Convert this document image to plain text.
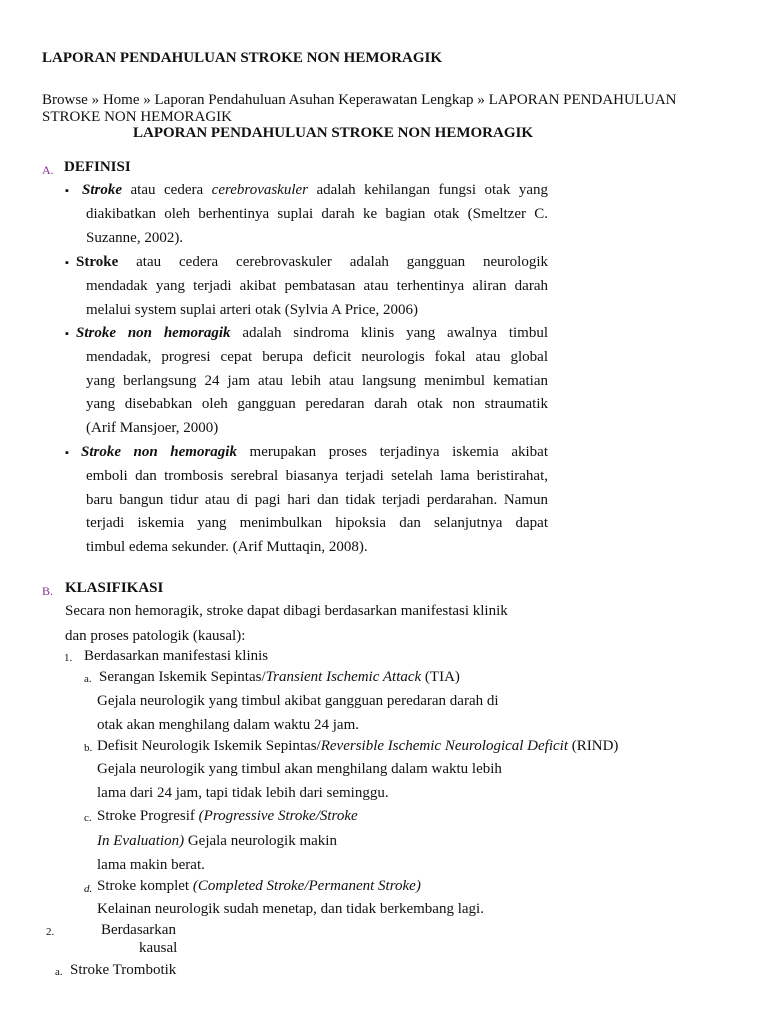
LAPORAN PENDAHULUAN STROKE NON HEMORAGIK
Browse » Home » Laporan Pendahuluan Asuhan Keperawatan Lengkap » LAPORAN PENDAHULUAN
STROKE NON HEMORAGIK
LAPORAN PENDAHULUAN STROKE NON HEMORAGIK
A. DEFINISI
▪ Stroke atau cedera cerebrovaskuler adalah kehilangan fungsi otak yang
diakibatkan oleh berhentinya suplai darah ke bagian otak (Smeltzer C.
Suzanne, 2002).
▪ Stroke atau cedera cerebrovaskuler adalah gangguan neurologik
mendadak yang terjadi akibat pembatasan atau terhentinya aliran darah
melalui system suplai arteri otak (Sylvia A Price, 2006)
▪ Stroke non hemoragik adalah sindroma klinis yang awalnya timbul
mendadak, progresi cepat berupa deficit neurologis fokal atau global
yang berlangsung 24 jam atau lebih atau langsung menimbul kematian
yang disebabkan oleh gangguan peredaran darah otak non straumatik
(Arif Mansjoer, 2000)
▪ Stroke non hemoragik merupakan proses terjadinya iskemia akibat
emboli dan trombosis serebral biasanya terjadi setelah lama beristirahat,
baru bangun tidur atau di pagi hari dan tidak terjadi perdarahan. Namun
terjadi iskemia yang menimbulkan hipoksia dan selanjutnya dapat
timbul edema sekunder. (Arif Muttaqin, 2008).
B. KLASIFIKASI
Secara non hemoragik, stroke dapat dibagi berdasarkan manifestasi klinik
dan proses patologik (kausal):
1. Berdasarkan manifestasi klinis
a. Serangan Iskemik Sepintas/Transient Ischemic Attack (TIA)
Gejala neurologik yang timbul akibat gangguan peredaran darah di
otak akan menghilang dalam waktu 24 jam.
b. Defisit Neurologik Iskemik Sepintas/Reversible Ischemic Neurological Deficit (RIND)
Gejala neurologik yang timbul akan menghilang dalam waktu lebih
lama dari 24 jam, tapi tidak lebih dari seminggu.
c. Stroke Progresif (Progressive Stroke/Stroke
In Evaluation) Gejala neurologik makin
lama makin berat.
d. Stroke komplet (Completed Stroke/Permanent Stroke)
Kelainan neurologik sudah menetap, dan tidak berkembang lagi.
2.	Berdasarkan
kausal
a. Stroke Trombotik
